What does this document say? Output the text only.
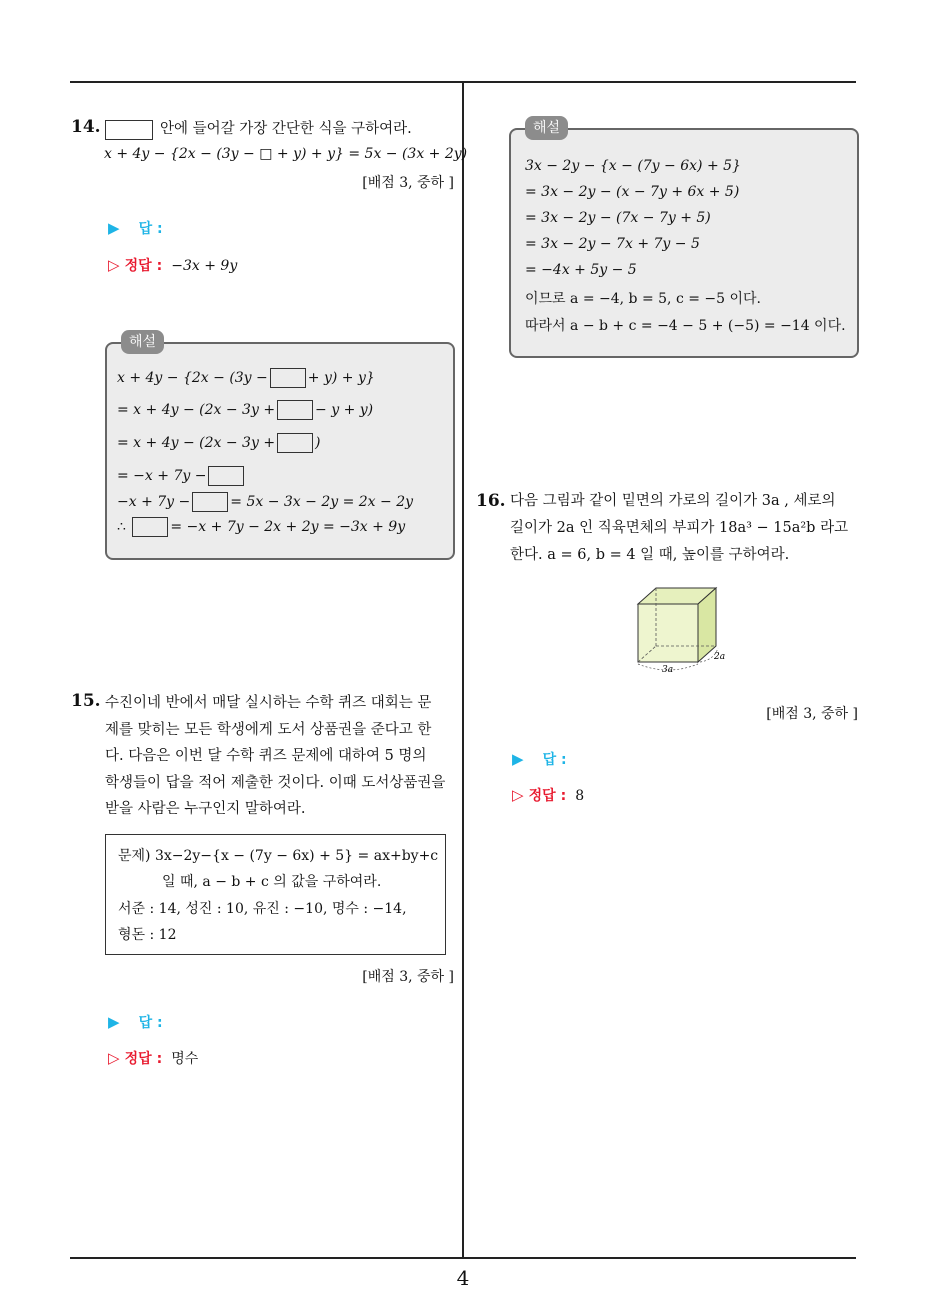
4
14.	안에 들어갈 가장 간단한 식을 구하여라.
x + 4y − {2x − (3y − □ + y) + y} = 5x − (3x + 2y)
[배점 3, 중하 ]
▶ 답 :
▷ 정답 : −3x + 9y
해설
x + 4y − {2x − (3y −	+ y) + y}
= x + 4y − (2x − 3y +	− y + y)
= x + 4y − (2x − 3y +	)
= −x + 7y −
−x + 7y −	= 5x − 3x − 2y = 2x − 2y
∴	= −x + 7y − 2x + 2y = −3x + 9y
15. 수진이네 반에서 매달 실시하는 수학 퀴즈 대회는 문
제를 맞히는 모든 학생에게 도서 상품권을 준다고 한
다. 다음은 이번 달 수학 퀴즈 문제에 대하여 5 명의
학생들이 답을 적어 제출한 것이다. 이때 도서상품권을
받을 사람은 누구인지 말하여라.
문제) 3x−2y−{x − (7y − 6x) + 5} = ax+by+c
일 때, a − b + c 의 값을 구하여라.
서준 : 14, 성진 : 10, 유진 : −10, 명수 : −14,
형돈 : 12
[배점 3, 중하 ]
▶ 답 :
▷ 정답 : 명수
해설
3x − 2y − {x − (7y − 6x) + 5}
= 3x − 2y − (x − 7y + 6x + 5)
= 3x − 2y − (7x − 7y + 5)
= 3x − 2y − 7x + 7y − 5
= −4x + 5y − 5
이므로 a = −4, b = 5, c = −5 이다.
따라서 a − b + c = −4 − 5 + (−5) = −14 이다.
16. 다음 그림과 같이 밑면의 가로의 길이가 3a , 세로의
길이가 2a 인 직육면체의 부피가 18a³ − 15a²b 라고
한다. a = 6, b = 4 일 때, 높이를 구하여라.
3a
2a
[배점 3, 중하 ]
▶ 답 :
▷ 정답 : 8
